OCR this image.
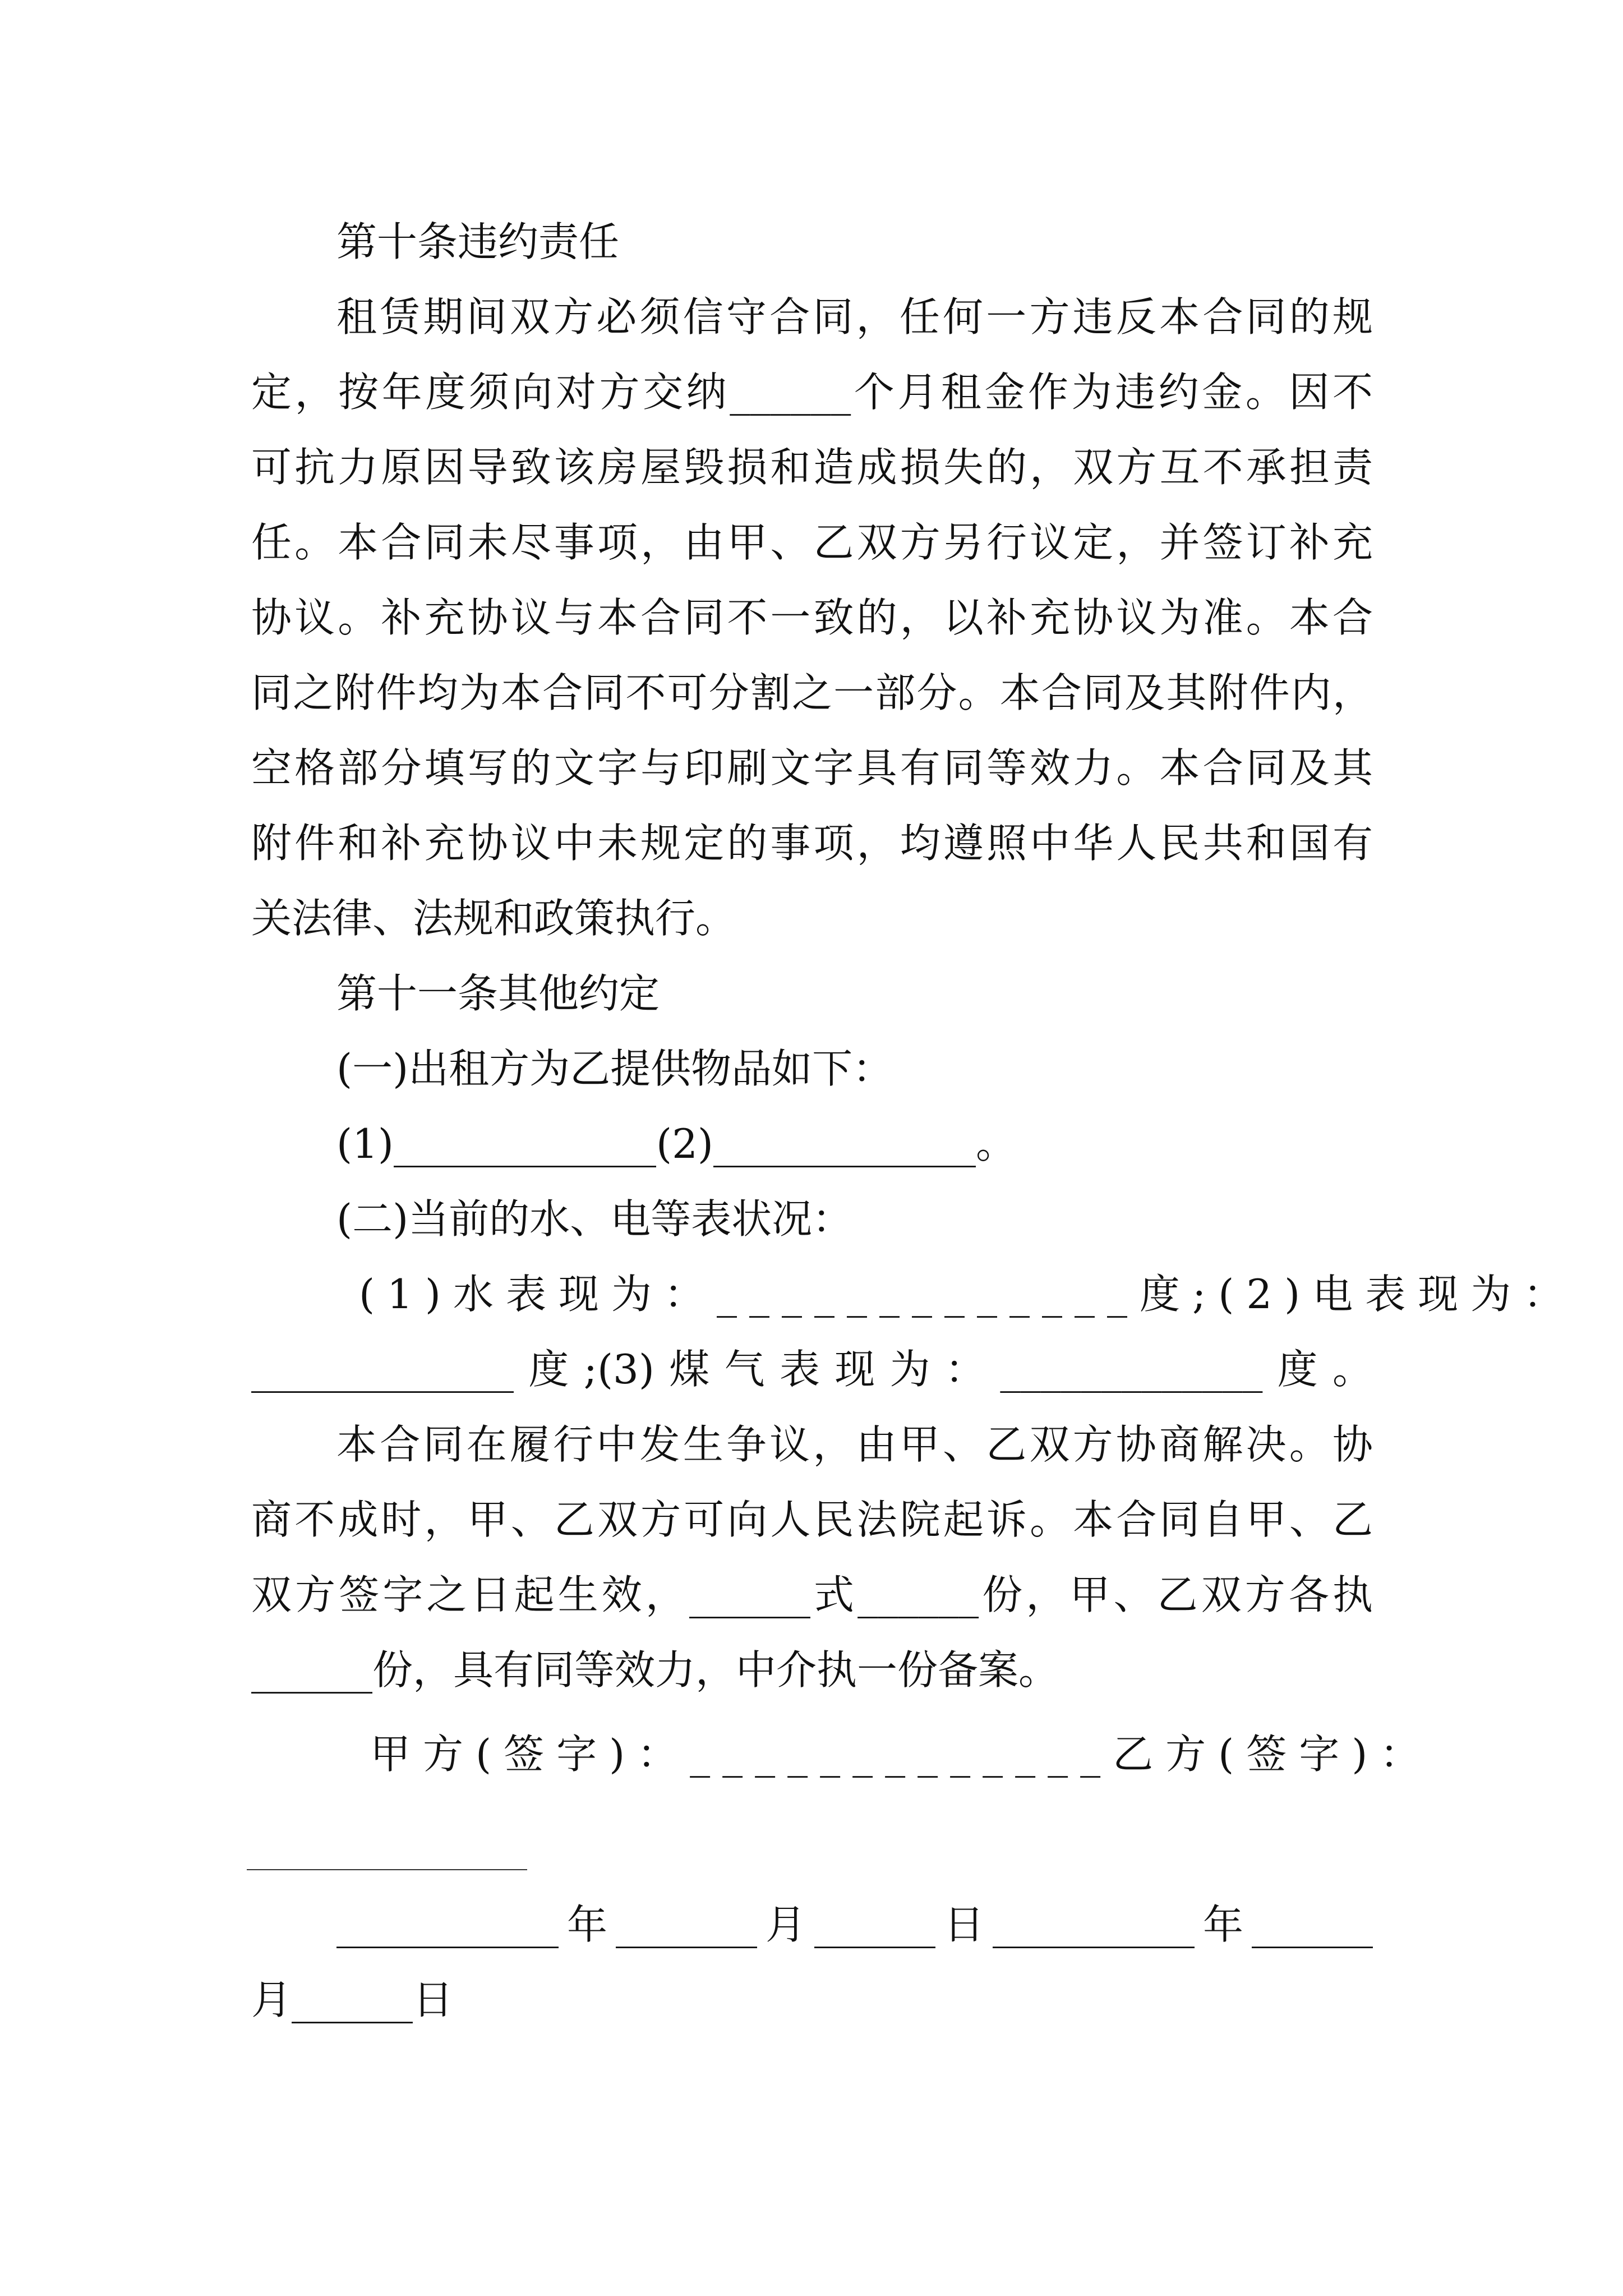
第十条违约责任
租赁期间双方必须信守合同，任何一方违反本合同的规
定，按年度须向对方交纳______个月租金作为违约金。因不
可抗力原因导致该房屋毁损和造成损失的，双方互不承担责
任。本合同未尽事项，由甲、乙双方另行议定，并签订补充
协议。补充协议与本合同不一致的，以补充协议为准。本合
同之附件均为本合同不可分割之一部分。本合同及其附件内，
空格部分填写的文字与印刷文字具有同等效力。本合同及其
附件和补充协议中未规定的事项，均遵照中华人民共和国有
关法律、法规和政策执行。
第十一条其他约定
(一)出租方为乙提供物品如下：
(1)_____________(2)_____________。
(二)当前的水、电等表状况：
(1)水表现为：_____________度;(2)电表现为：
_____________度;(3)煤气表现为：_____________度。
本合同在履行中发生争议，由甲、乙双方协商解决。协
商不成时，甲、乙双方可向人民法院起诉。本合同自甲、乙
双方签字之日起生效，______式______份，甲、乙双方各执
______份，具有同等效力，中介执一份备案。
甲方(签字)：_____________乙方(签字)：
___________年_______月______日__________年______
月______日
